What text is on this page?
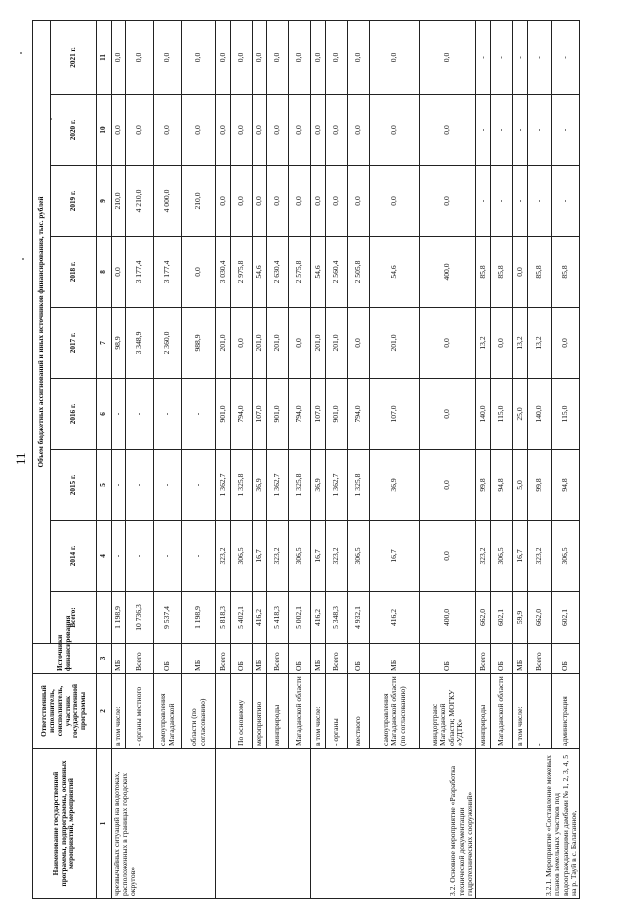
11
Наименование государственной программы, подпрограммы, основных мероприятий, мероприятий	Ответственный исполнитель, соисполнитель, участник государственной программы	Источники финансирования	Объем бюджетных ассигнований и иных источников финансирования, тыс. рублей								
			Всего:	2014 г.	2015 г.	2016 г.	2017 г.	2018 г.	2019 г.	2020 г.	2021 г.
1	2	3		4	5	6	7	8	9	10	11
чрезвычайных ситуаций на водотоках, расположенных в границах городских округов»	в том числе:	МБ	1 198,9	-	-	-	98,9	0,0	210,0	0,0	0,0
	- органы местного	Всего	10 736,3	-	-	-	3 348,9	3 177,4	4 210,0	0,0	0,0
	самоуправления Магаданской	ОБ	9 537,4	-	-	-	2 360,0	3 177,4	4 000,0	0,0	0,0
	области (по согласованию)	МБ	1 198,9	-	-	-	988,9	0,0	210,0	0,0	0,0
		Всего	5 818,3	323,2	1 362,7	901,0	201,0	3 030,4	0,0	0,0	0,0
	По основному	ОБ	5 402,1	306,5	1 325,8	794,0	0,0	2 975,8	0,0	0,0	0,0
	мероприятию	МБ	416,2	16,7	36,9	107,0	201,0	54,6	0,0	0,0	0,0
	минприроды	Всего	5 418,3	323,2	1 362,7	901,0	201,0	2 630,4	0,0	0,0	0,0
	Магаданской области	ОБ	5 002,1	306,5	1 325,8	794,0	0,0	2 575,8	0,0	0,0	0,0
3.2. Основное мероприятие «Разработка технической документации гидротехнических сооружений»	в том числе:	МБ	416,2	16,7	36,9	107,0	201,0	54,6	0,0	0,0	0,0
	- органы	Всего	5 348,3	323,2	1 362,7	901,0	201,0	2 560,4	0,0	0,0	0,0
	местного	ОБ	4 932,1	306,5	1 325,8	794,0	0,0	2 505,8	0,0	0,0	0,0
	самоуправления Магаданской области (по согласованию)	МБ	416,2	16,7	36,9	107,0	201,0	54,6	0,0	0,0	0,0
	миндортранс Магаданской области; МОГКУ «УДТК»	ОБ	400,0	0,0	0,0	0,0	0,0	400,0	0,0	0,0	0,0
3.2.1. Мероприятие «Составление межевых планов земельных участков под водоограждающими дамбами № 1, 2, 3, 4, 5 на р. Тауй в с. Балаганное,	минприроды	Всего	662,0	323,2	99,8	140,0	13,2	85,8	-	-	-
	Магаданской области	ОБ	602,1	306,5	94,8	115,0	0,0	85,8	-	-	-
	в том числе:	МБ	59,9	16,7	5,0	25,0	13,2	0,0	-	-	-
	-	Всего	662,0	323,2	99,8	140,0	13,2	85,8	-	-	-
	администрация	ОБ	602,1	306,5	94,8	115,0	0,0	85,8	-	-	-
